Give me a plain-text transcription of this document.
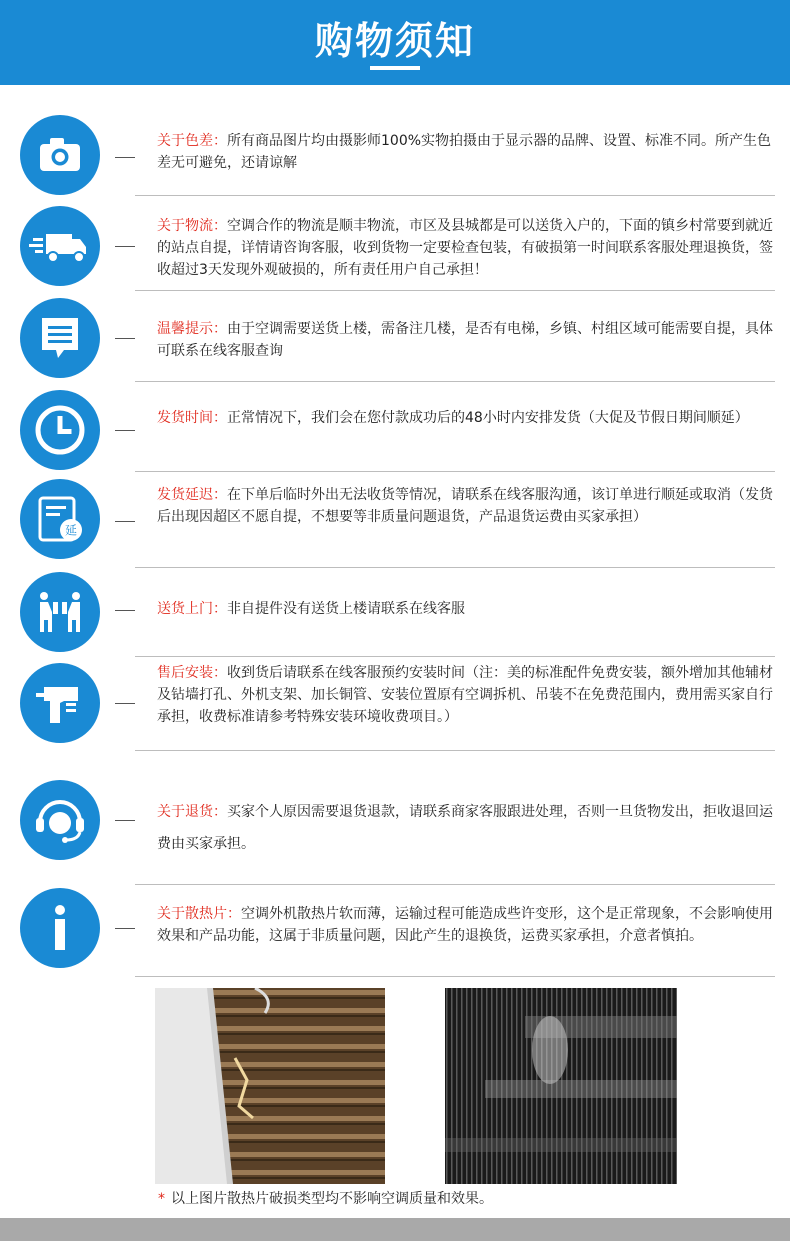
购物须知
关于色差：所有商品图片均由摄影师100%实物拍摄由于显示器的品牌、设置、标准不同。所产生色差无可避免，还请谅解
关于物流：空调合作的物流是顺丰物流，市区及县城都是可以送货入户的，下面的镇乡村常要到就近的站点自提，详情请咨询客服，收到货物一定要检查包装，有破损第一时间联系客服处理退换货，签收超过3天发现外观破损的，所有责任用户自己承担！
温馨提示：由于空调需要送货上楼，需备注几楼，是否有电梯，乡镇、村组区域可能需要自提，具体可联系在线客服查询
发货时间：正常情况下，我们会在您付款成功后的48小时内安排发货（大促及节假日期间顺延）
延
发货延迟：在下单后临时外出无法收货等情况，请联系在线客服沟通，该订单进行顺延或取消（发货后出现因超区不愿自提，不想要等非质量问题退货，产品退货运费由买家承担）
送货上门：非自提件没有送货上楼请联系在线客服
售后安装：收到货后请联系在线客服预约安装时间（注：美的标准配件免费安装，额外增加其他辅材及钻墙打孔、外机支架、加长铜管、安装位置原有空调拆机、吊装不在免费范围内，费用需买家自行承担，收费标准请参考特殊安装环境收费项目。）
关于退货：买家个人原因需要退货退款，请联系商家客服跟进处理，否则一旦货物发出，拒收退回运费由买家承担。
关于散热片：空调外机散热片软而薄，运输过程可能造成些许变形，这个是正常现象，不会影响使用效果和产品功能，这属于非质量问题，因此产生的退换货，运费买家承担，介意者慎拍。
* 以上图片散热片破损类型均不影响空调质量和效果。
